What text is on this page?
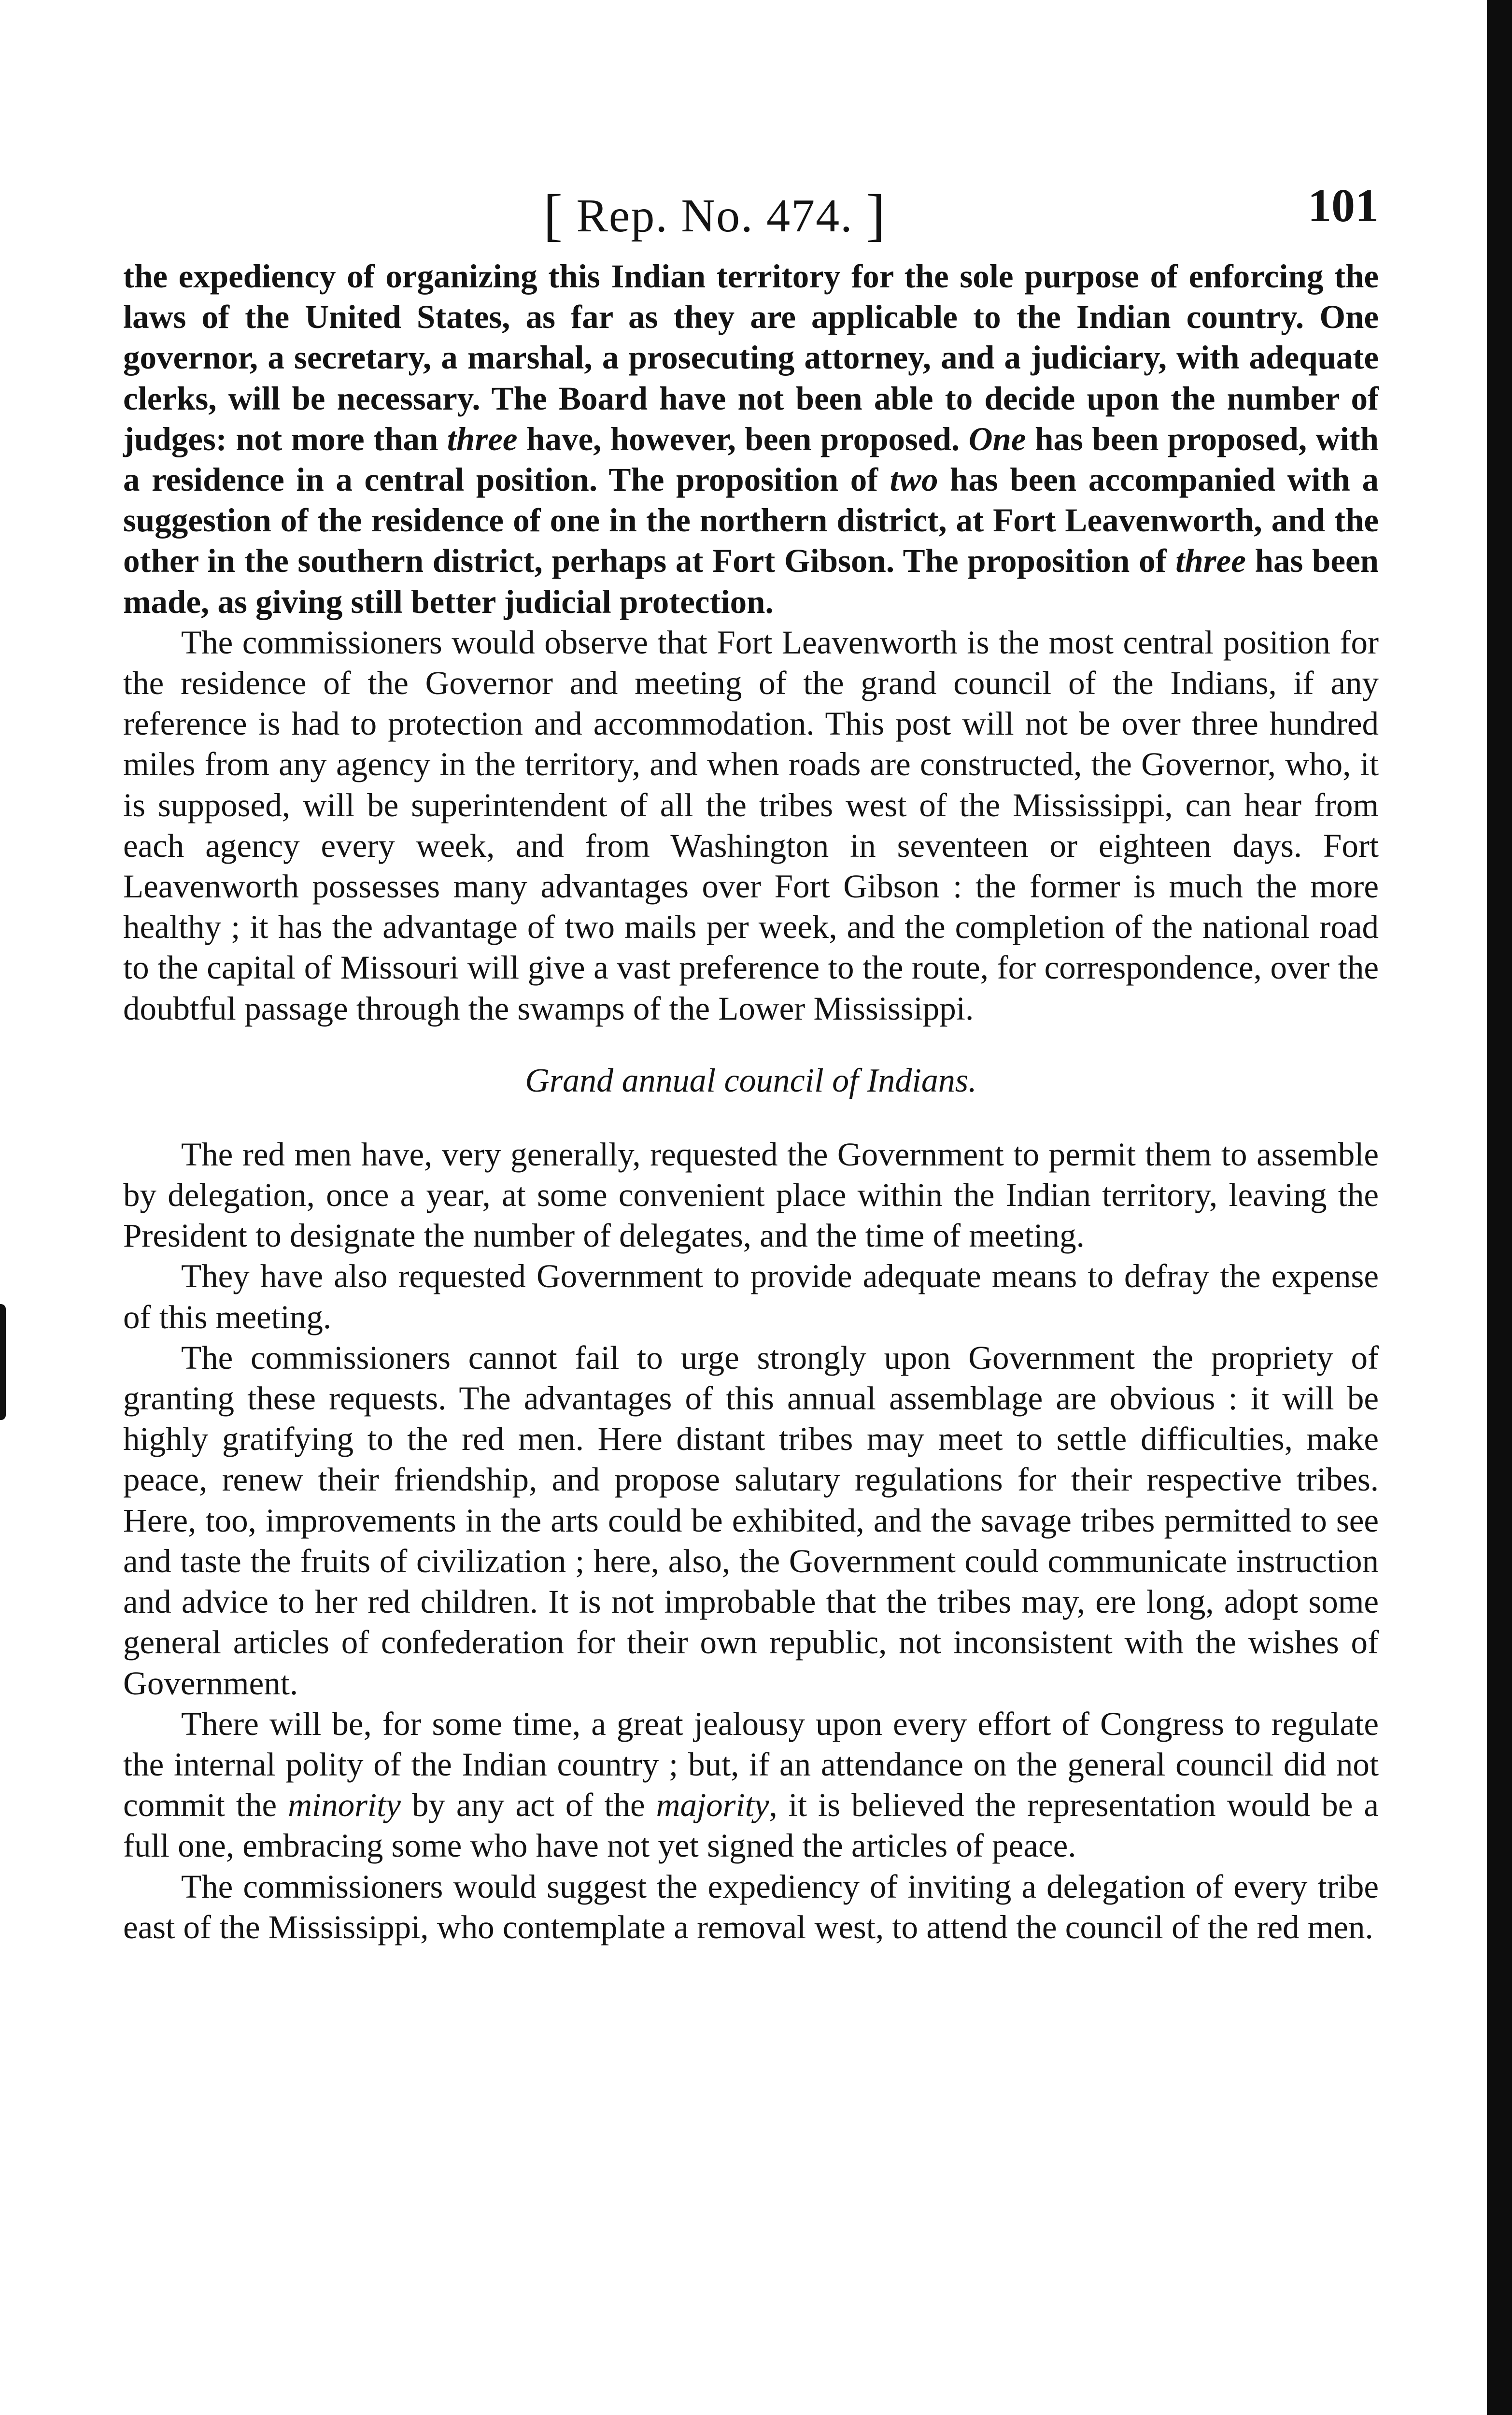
[ Rep. No. 474. ]	101

the expediency of organizing this Indian territory for the sole purpose of enforcing the laws of the United States, as far as they are applicable to the Indian country. One governor, a secretary, a marshal, a prosecuting attorney, and a judiciary, with adequate clerks, will be necessary. The Board have not been able to decide upon the number of judges: not more than three have, however, been proposed. One has been proposed, with a residence in a central position. The proposition of two has been accompanied with a suggestion of the residence of one in the northern district, at Fort Leavenworth, and the other in the southern district, perhaps at Fort Gibson. The proposition of three has been made, as giving still better judicial protection.

The commissioners would observe that Fort Leavenworth is the most central position for the residence of the Governor and meeting of the grand council of the Indians, if any reference is had to protection and accommodation. This post will not be over three hundred miles from any agency in the territory, and when roads are constructed, the Governor, who, it is supposed, will be superintendent of all the tribes west of the Mississippi, can hear from each agency every week, and from Washington in seventeen or eighteen days. Fort Leavenworth possesses many advantages over Fort Gibson : the former is much the more healthy ; it has the advantage of two mails per week, and the completion of the national road to the capital of Missouri will give a vast preference to the route, for correspondence, over the doubtful passage through the swamps of the Lower Mississippi.

Grand annual council of Indians.

The red men have, very generally, requested the Government to permit them to assemble by delegation, once a year, at some convenient place within the Indian territory, leaving the President to designate the number of delegates, and the time of meeting.

They have also requested Government to provide adequate means to defray the expense of this meeting.

The commissioners cannot fail to urge strongly upon Government the propriety of granting these requests. The advantages of this annual assemblage are obvious : it will be highly gratifying to the red men. Here distant tribes may meet to settle difficulties, make peace, renew their friendship, and propose salutary regulations for their respective tribes. Here, too, improvements in the arts could be exhibited, and the savage tribes permitted to see and taste the fruits of civilization ; here, also, the Government could communicate instruction and advice to her red children. It is not improbable that the tribes may, ere long, adopt some general articles of confederation for their own republic, not inconsistent with the wishes of Government.

There will be, for some time, a great jealousy upon every effort of Congress to regulate the internal polity of the Indian country ; but, if an attendance on the general council did not commit the minority by any act of the majority, it is believed the representation would be a full one, embracing some who have not yet signed the articles of peace.

The commissioners would suggest the expediency of inviting a delegation of every tribe east of the Mississippi, who contemplate a removal west, to attend the council of the red men.
